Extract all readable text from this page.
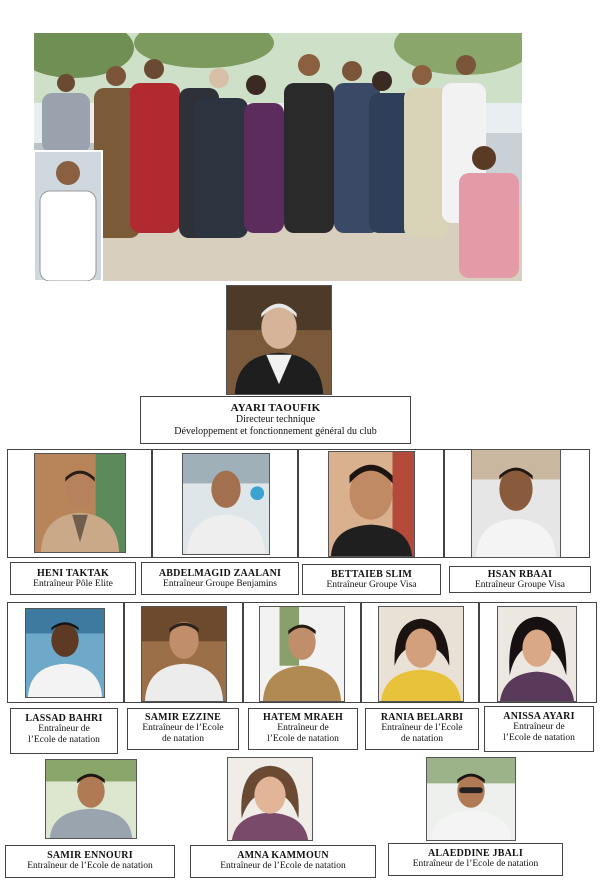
AYARI TAOUFIK
Directeur technique
Développement et fonctionnement général du club
HENI TAKTAK
Entraîneur Pôle Elite
ABDELMAGID ZAALANI
Entraîneur Groupe Benjamins
BETTAIEB SLIM
Entraîneur Groupe Visa
HSAN RBAAI
Entraîneur Groupe Visa
LASSAD BAHRI
Entraîneur de
l’Ecole de natation
SAMIR EZZINE
Entraîneur de l’Ecole
de natation
HATEM MRAEH
Entraîneur de
l’Ecole de natation
RANIA BELARBI
Entraîneur de l’Ecole
de natation
ANISSA AYARI
Entraîneur de
l’Ecole de natation
SAMIR ENNOURI
Entraîneur de l’Ecole de natation
AMNA KAMMOUN
Entraîneur de l’Ecole de natation
ALAEDDINE JBALI
Entraîneur de l’Ecole de natation
